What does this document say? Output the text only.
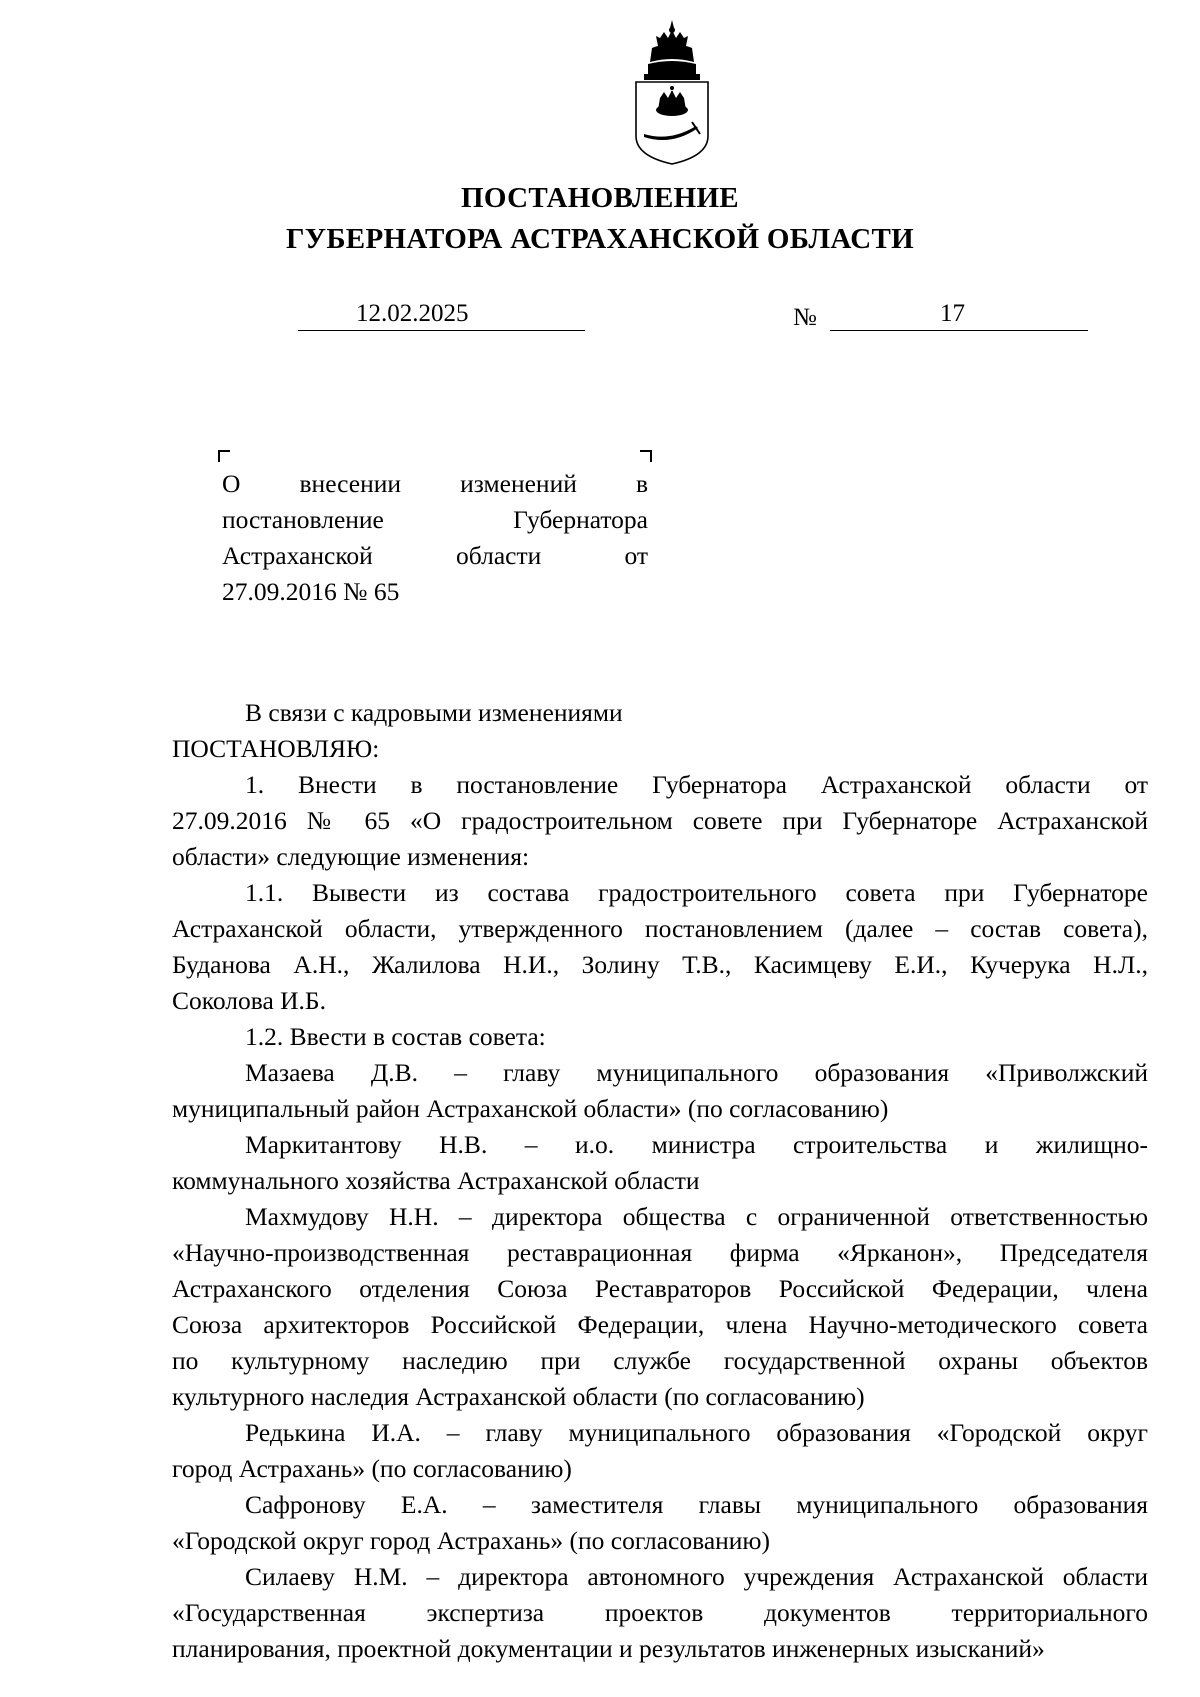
ПОСТАНОВЛЕНИЕ
ГУБЕРНАТОРА АСТРАХАНСКОЙ ОБЛАСТИ
12.02.2025	№	17
О внесении изменений в
постановление Губернатора
Астраханской области от
27.09.2016 № 65
В связи с кадровыми изменениями
ПОСТАНОВЛЯЮ:
1. Внести в постановление Губернатора Астраханской области от
27.09.2016 № 65 «О градостроительном совете при Губернаторе Астраханской
области» следующие изменения:
1.1. Вывести из состава градостроительного совета при Губернаторе
Астраханской области, утвержденного постановлением (далее – состав совета),
Буданова А.Н., Жалилова Н.И., Золину Т.В., Касимцеву Е.И., Кучерука Н.Л.,
Соколова И.Б.
1.2. Ввести в состав совета:
Мазаева Д.В. – главу муниципального образования «Приволжский
муниципальный район Астраханской области» (по согласованию)
Маркитантову Н.В. – и.о. министра строительства и жилищно-
коммунального хозяйства Астраханской области
Махмудову Н.Н. – директора общества с ограниченной ответственностью
«Научно-производственная реставрационная фирма «Ярканон», Председателя
Астраханского отделения Союза Реставраторов Российской Федерации, члена
Союза архитекторов Российской Федерации, члена Научно-методического совета
по культурному наследию при службе государственной охраны объектов
культурного наследия Астраханской области (по согласованию)
Редькина И.А. – главу муниципального образования «Городской округ
город Астрахань» (по согласованию)
Сафронову Е.А. – заместителя главы муниципального образования
«Городской округ город Астрахань» (по согласованию)
Силаеву Н.М. – директора автономного учреждения Астраханской области
«Государственная экспертиза проектов документов территориального
планирования, проектной документации и результатов инженерных изысканий»
